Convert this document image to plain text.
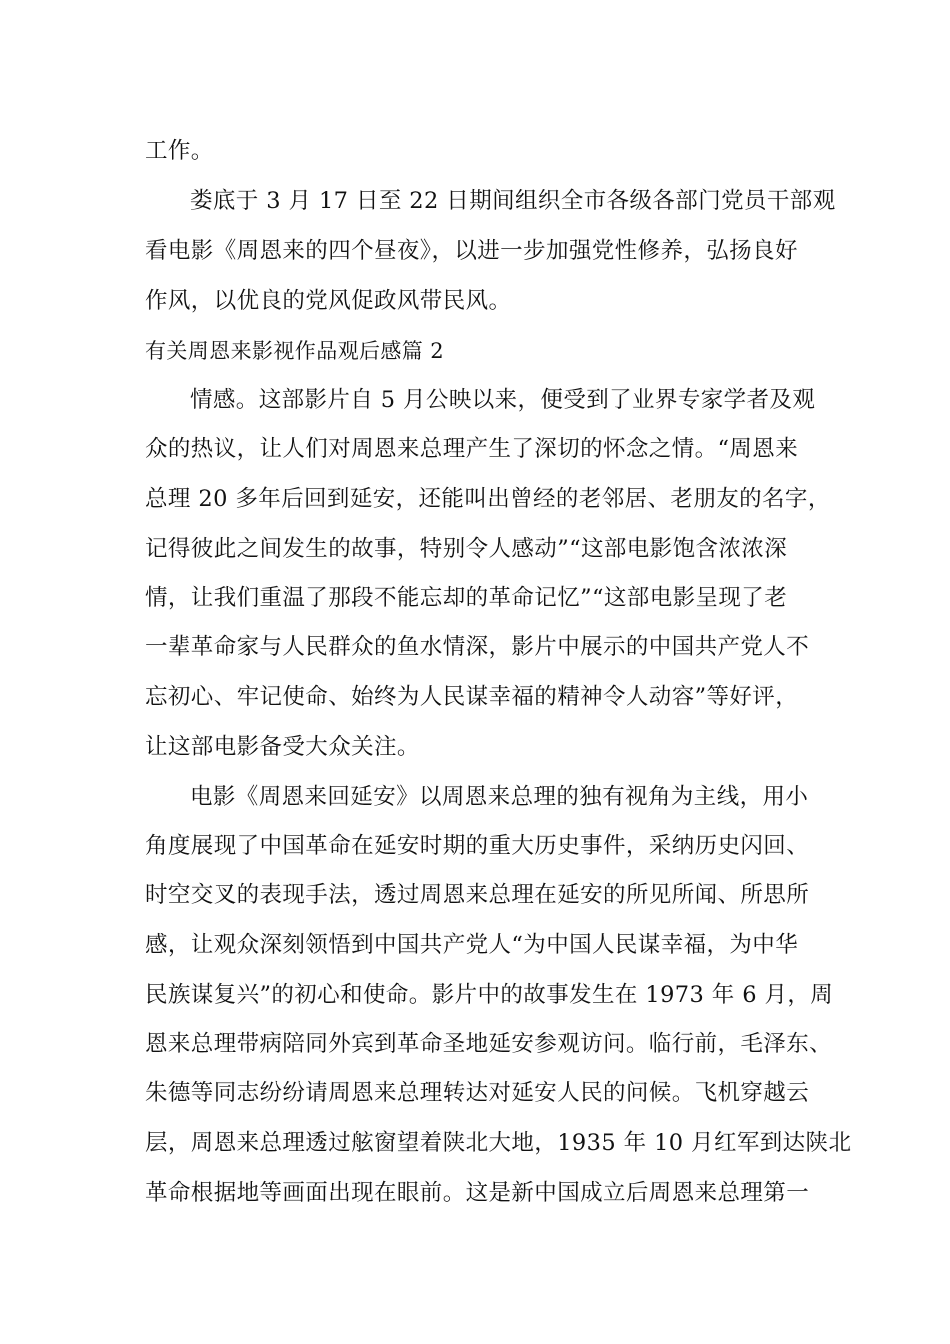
工作。
娄底于 3 月 17 日至 22 日期间组织全市各级各部门党员干部观
看电影《周恩来的四个昼夜》，以进一步加强党性修养，弘扬良好
作风，以优良的党风促政风带民风。
有关周恩来影视作品观后感篇 2
情感。这部影片自 5 月公映以来，便受到了业界专家学者及观
众的热议，让人们对周恩来总理产生了深切的怀念之情。“周恩来
总理 20 多年后回到延安，还能叫出曾经的老邻居、老朋友的名字，
记得彼此之间发生的故事，特别令人感动”“这部电影饱含浓浓深
情，让我们重温了那段不能忘却的革命记忆”“这部电影呈现了老
一辈革命家与人民群众的鱼水情深，影片中展示的中国共产党人不
忘初心、牢记使命、始终为人民谋幸福的精神令人动容”等好评，
让这部电影备受大众关注。
电影《周恩来回延安》以周恩来总理的独有视角为主线，用小
角度展现了中国革命在延安时期的重大历史事件，采纳历史闪回、
时空交叉的表现手法，透过周恩来总理在延安的所见所闻、所思所
感，让观众深刻领悟到中国共产党人“为中国人民谋幸福，为中华
民族谋复兴”的初心和使命。影片中的故事发生在 1973 年 6 月，周
恩来总理带病陪同外宾到革命圣地延安参观访问。临行前，毛泽东、
朱德等同志纷纷请周恩来总理转达对延安人民的问候。飞机穿越云
层，周恩来总理透过舷窗望着陕北大地，1935 年 10 月红军到达陕北
革命根据地等画面出现在眼前。这是新中国成立后周恩来总理第一
